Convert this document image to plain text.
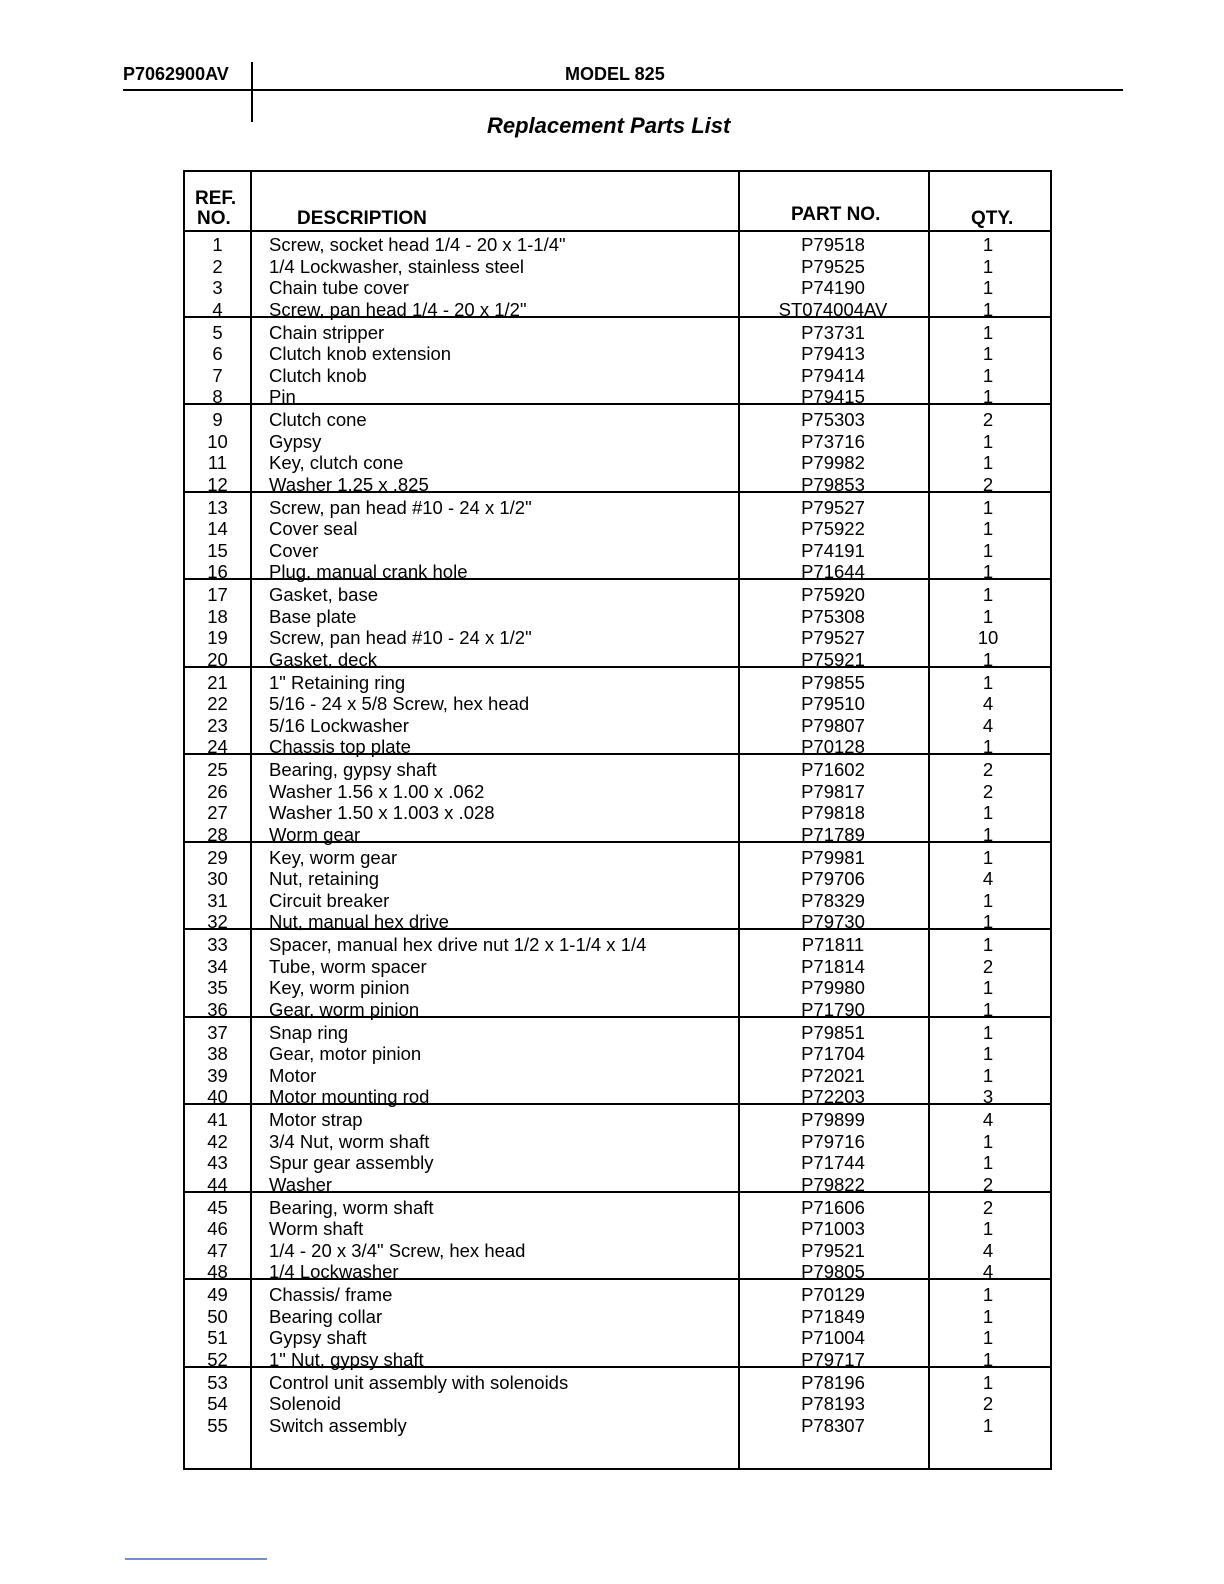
P7062900AV	MODEL 825
Replacement Parts List
REF.
NO.	DESCRIPTION	PART NO.	QTY.
1	Screw, socket head 1/4 - 20 x 1-1/4"	P79518	1
2	1/4 Lockwasher, stainless steel	P79525	1
3	Chain tube cover	P74190	1
4	Screw, pan head 1/4 - 20 x 1/2"	ST074004AV	1
5	Chain stripper	P73731	1
6	Clutch knob extension	P79413	1
7	Clutch knob	P79414	1
8	Pin	P79415	1
9	Clutch cone	P75303	2
10	Gypsy	P73716	1
11	Key, clutch cone	P79982	1
12	Washer 1.25 x .825	P79853	2
13	Screw, pan head #10 - 24 x 1/2"	P79527	1
14	Cover seal	P75922	1
15	Cover	P74191	1
16	Plug, manual crank hole	P71644	1
17	Gasket, base	P75920	1
18	Base plate	P75308	1
19	Screw, pan head #10 - 24 x 1/2"	P79527	10
20	Gasket, deck	P75921	1
21	1" Retaining ring	P79855	1
22	5/16 - 24 x 5/8 Screw, hex head	P79510	4
23	5/16 Lockwasher	P79807	4
24	Chassis top plate	P70128	1
25	Bearing, gypsy shaft	P71602	2
26	Washer 1.56 x 1.00 x .062	P79817	2
27	Washer 1.50 x 1.003 x .028	P79818	1
28	Worm gear	P71789	1
29	Key, worm gear	P79981	1
30	Nut, retaining	P79706	4
31	Circuit breaker	P78329	1
32	Nut, manual hex drive	P79730	1
33	Spacer, manual hex drive nut 1/2 x 1-1/4 x 1/4	P71811	1
34	Tube, worm spacer	P71814	2
35	Key, worm pinion	P79980	1
36	Gear, worm pinion	P71790	1
37	Snap ring	P79851	1
38	Gear, motor pinion	P71704	1
39	Motor	P72021	1
40	Motor mounting rod	P72203	3
41	Motor strap	P79899	4
42	3/4 Nut, worm shaft	P79716	1
43	Spur gear assembly	P71744	1
44	Washer	P79822	2
45	Bearing, worm shaft	P71606	2
46	Worm shaft	P71003	1
47	1/4 - 20 x 3/4" Screw, hex head	P79521	4
48	1/4 Lockwasher	P79805	4
49	Chassis/ frame	P70129	1
50	Bearing collar	P71849	1
51	Gypsy shaft	P71004	1
52	1" Nut, gypsy shaft	P79717	1
53	Control unit assembly with solenoids	P78196	1
54	Solenoid	P78193	2
55	Switch assembly	P78307	1
